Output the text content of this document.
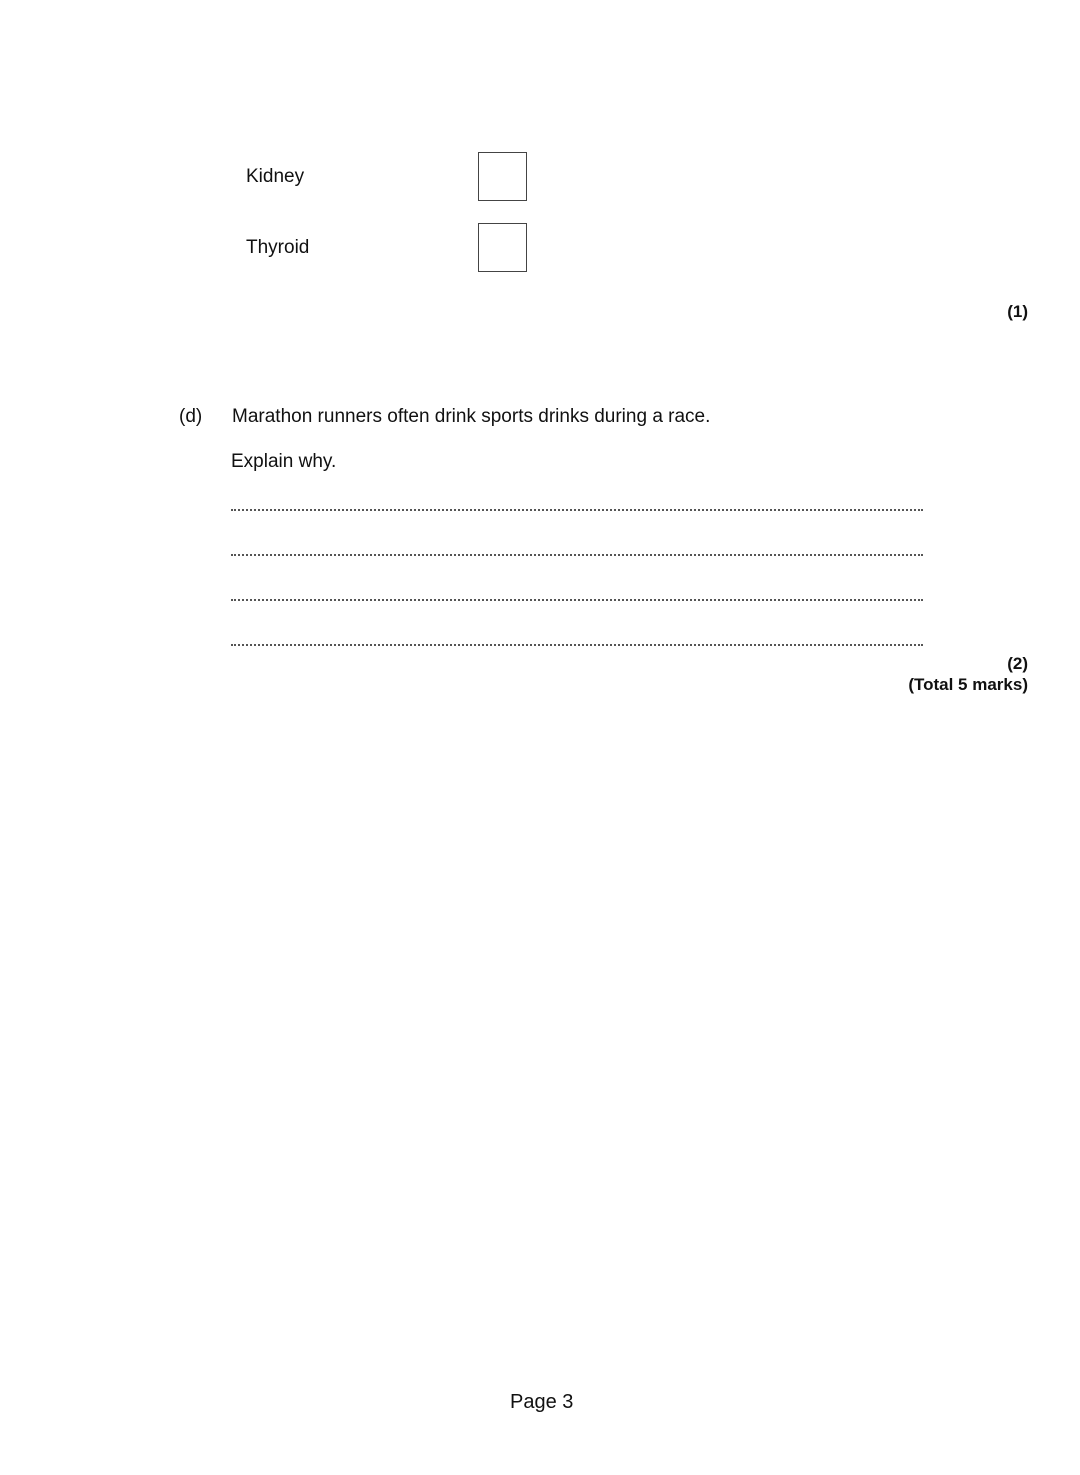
Kidney
Thyroid
(1)
(d) Marathon runners often drink sports drinks during a race.
Explain why.
(2)
(Total 5 marks)
Page 3
